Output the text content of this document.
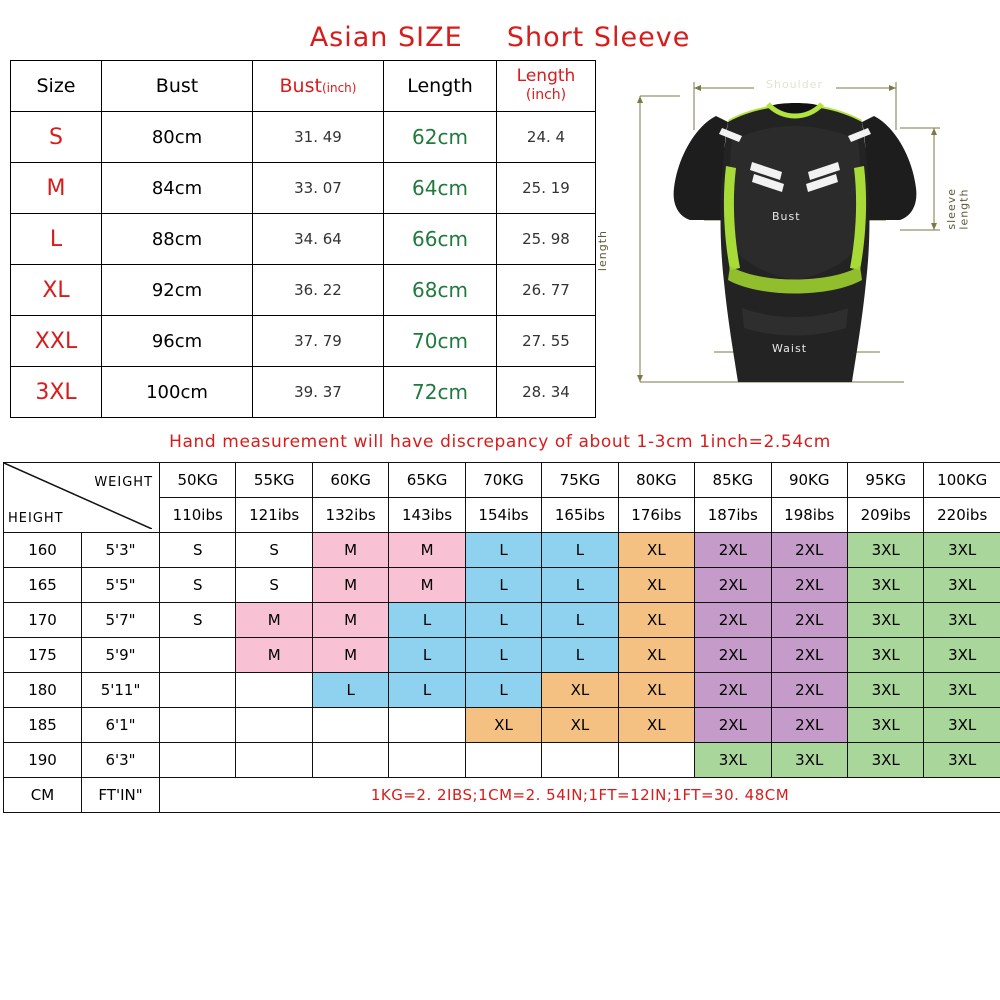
Asian SIZE Short Sleeve
Size	Bust	Bust(inch)	Length	Length
(inch)
S	80cm	31. 49	62cm	24. 4
M	84cm	33. 07	64cm	25. 19
L	88cm	34. 64	66cm	25. 98
XL	92cm	36. 22	68cm	26. 77
XXL	96cm	37. 79	70cm	27. 55
3XL	100cm	39. 37	72cm	28. 34
Shoulder
Bust
Waist
length
sleeve
length
Hand measurement will have discrepancy of about 1-3cm 1inch=2.54cm
WEIGHT
HEIGHT		50KG	55KG	60KG	65KG	70KG	75KG	80KG	85KG	90KG	95KG	100KG
		110ibs	121ibs	132ibs	143ibs	154ibs	165ibs	176ibs	187ibs	198ibs	209ibs	220ibs
160	5'3"	S	S	M	M	L	L	XL	2XL	2XL	3XL	3XL
165	5'5"	S	S	M	M	L	L	XL	2XL	2XL	3XL	3XL
170	5'7"	S	M	M	L	L	L	XL	2XL	2XL	3XL	3XL
175	5'9"		M	M	L	L	L	XL	2XL	2XL	3XL	3XL
180	5'11"			L	L	L	XL	XL	2XL	2XL	3XL	3XL
185	6'1"					XL	XL	XL	2XL	2XL	3XL	3XL
190	6'3"								3XL	3XL	3XL	3XL
CM	FT'IN"	1KG=2. 2IBS;1CM=2. 54IN;1FT=12IN;1FT=30. 48CM										
